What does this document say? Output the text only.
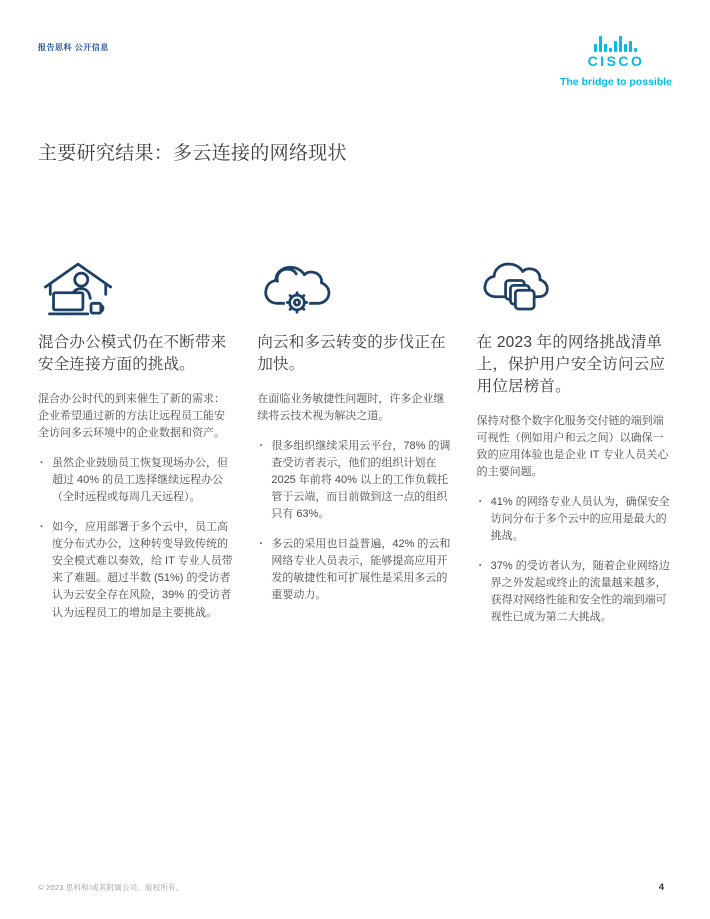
报告思科 公开信息
CISCO
The bridge to possible
主要研究结果：多云连接的网络现状
混合办公模式仍在不断带来安全连接方面的挑战。
混合办公时代的到来催生了新的需求：企业希望通过新的方法让远程员工能安全访问多云环境中的企业数据和资产。
· 虽然企业鼓励员工恢复现场办公，但超过 40% 的员工选择继续远程办公（全时远程或每周几天远程）。
· 如今，应用部署于多个云中，员工高度分布式办公，这种转变导致传统的安全模式难以奏效，给 IT 专业人员带来了难题。超过半数 (51%) 的受访者认为云安全存在风险，39% 的受访者认为远程员工的增加是主要挑战。
向云和多云转变的步伐正在加快。
在面临业务敏捷性问题时，许多企业继续将云技术视为解决之道。
· 很多组织继续采用云平台，78% 的调查受访者表示，他们的组织计划在 2025 年前将 40% 以上的工作负载托管于云端，而目前做到这一点的组织只有 63%。
· 多云的采用也日益普遍，42% 的云和网络专业人员表示，能够提高应用开发的敏捷性和可扩展性是采用多云的重要动力。
在 2023 年的网络挑战清单上，保护用户安全访问云应用位居榜首。
保持对整个数字化服务交付链的端到端可视性（例如用户和云之间）以确保一致的应用体验也是企业 IT 专业人员关心的主要问题。
· 41% 的网络专业人员认为，确保安全访问分布于多个云中的应用是最大的挑战。
· 37% 的受访者认为，随着企业网络边界之外发起或终止的流量越来越多，获得对网络性能和安全性的端到端可视性已成为第二大挑战。
© 2023 思科和/或其附属公司。版权所有。	4
